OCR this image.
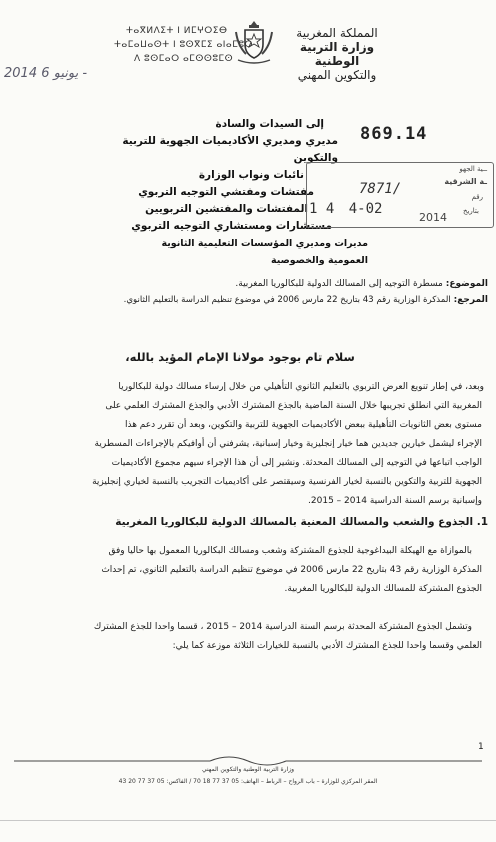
ⵜⴰⴳⵍⴷⵉⵜ ⵏ ⵍⵎⵖⵔⵉⴱ
ⵜⴰⵎⴰⵡⴰⵙⵜ ⵏ ⵓⵙⴳⵎⵉ ⴰⵏⴰⵎⵓⵔ
ⴷ ⵓⵙⵎⴰⵔ ⴰⵎⵙⵙⵓⵎⵙ
المملكة المغربية
وزارة التربية الوطنية
والتكوين المهني
2014 يونيو 6 -
إلى السيدات والسادة
مديري ومديري الأكاديميات الجهوية للتربية والتكوين
نائبات ونواب الوزارة
مفتشات ومفتشي التوجيه التربوي
المفتشات والمفتشين التربويين
مستشارات ومستشاري التوجيه التربوي
مديرات ومديري المؤسسات التعليمية الثانوية العمومية والخصوصية
869.14
ــية الجهو
ـة الشرقية
7871/	رقم
1 4 4-02	بتاريخ
2014
الموضوع: مسطرة التوجيه إلى المسالك الدولية للبكالوريا المغربية.
المرجع: المذكرة الوزارية رقم 43 بتاريخ 22 مارس 2006 في موضوع تنظيم الدراسة بالتعليم الثانوي.
سلام تام بوجود مولانا الإمام المؤيد بالله،
وبعد، في إطار تنويع العرض التربوي بالتعليم الثانوي التأهيلي من خلال إرساء مسالك دولية للبكالوريا
المغربية التي انطلق تجريبها خلال السنة الماضية بالجذع المشترك الأدبي والجذع المشترك العلمي على
مستوى بعض الثانويات التأهيلية ببعض الأكاديميات الجهوية للتربية والتكوين، وبعد أن تقرر دعم هذا
الإجراء ليشمل خيارين جديدين هما خيار إنجليزية وخيار إسبانية، يشرفني أن أوافيكم بالإجراءات المسطرية
الواجب اتباعها في التوجيه إلى المسالك المحدثة. ونشير إلى أن هذا الإجراء سيهم مجموع الأكاديميات
الجهوية للتربية والتكوين بالنسبة لخيار الفرنسية وسيقتصر على أكاديميات التجريب بالنسبة لخياري إنجليزية
وإسبانية برسم السنة الدراسية 2014 – 2015.
1. الجذوع والشعب والمسالك المعنية بالمسالك الدولية للبكالوريا المغربية
بالموازاة مع الهيكلة البيداغوجية للجذوع المشتركة وشعب ومسالك البكالوريا المعمول بها حاليا وفق
المذكرة الوزارية رقم 43 بتاريخ 22 مارس 2006 في موضوع تنظيم الدراسة بالتعليم الثانوي، تم إحداث
الجذوع المشتركة للمسالك الدولية للبكالوريا المغربية.
وتشمل الجذوع المشتركة المحدثة برسم السنة الدراسية 2014 – 2015 ، قسما واحدا للجذع المشترك
العلمي وقسما واحدا للجذع المشترك الأدبي بالنسبة للخيارات الثلاثة موزعة كما يلي:
1
وزارة التربية الوطنية والتكوين المهني
المقر المركزي للوزارة – باب الرواح – الرباط – الهاتف: 05 37 77 18 70 / الفاكس: 05 37 77 20 43
